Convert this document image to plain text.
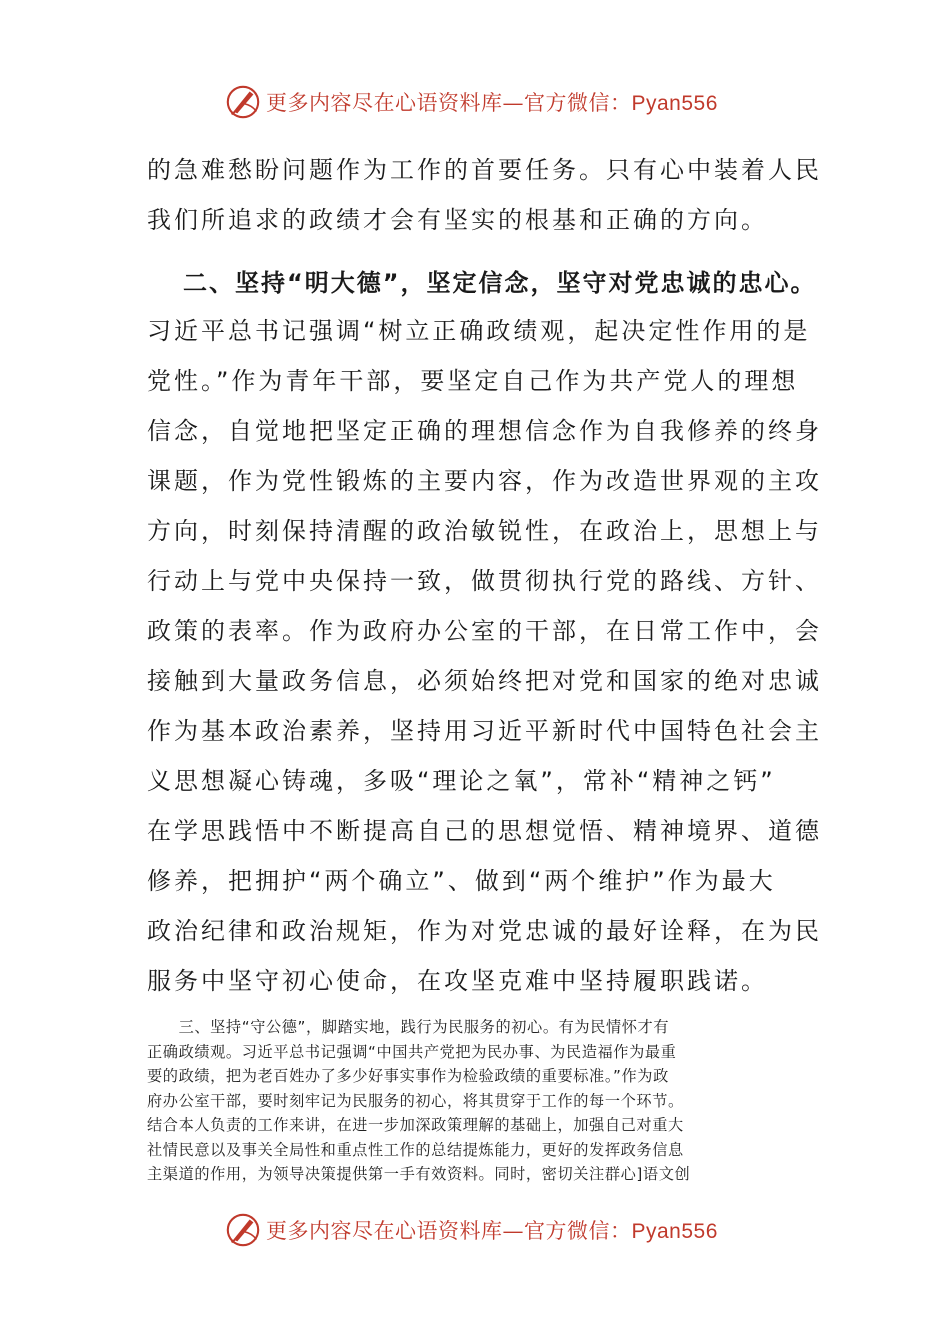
更多内容尽在心语资料库—官方微信：Pyan556
的急难愁盼问题作为工作的首要任务。只有心中装着人民
我们所追求的政绩才会有坚实的根基和正确的方向。
二、坚持“明大德”，坚定信念，坚守对党忠诚的忠心。
习近平总书记强调“树立正确政绩观，起决定性作用的是
党性。”作为青年干部，要坚定自己作为共产党人的理想
信念，自觉地把坚定正确的理想信念作为自我修养的终身
课题，作为党性锻炼的主要内容，作为改造世界观的主攻
方向，时刻保持清醒的政治敏锐性，在政治上，思想上与
行动上与党中央保持一致，做贯彻执行党的路线、方针、
政策的表率。作为政府办公室的干部，在日常工作中，会
接触到大量政务信息，必须始终把对党和国家的绝对忠诚
作为基本政治素养，坚持用习近平新时代中国特色社会主
义思想凝心铸魂，多吸“理论之氧”，常补“精神之钙”
在学思践悟中不断提高自己的思想觉悟、精神境界、道德
修养，把拥护“两个确立”、做到“两个维护”作为最大
政治纪律和政治规矩，作为对党忠诚的最好诠释，在为民
服务中坚守初心使命，在攻坚克难中坚持履职践诺。
　　三、坚持“守公德”，脚踏实地，践行为民服务的初心。有为民情怀才有
正确政绩观。习近平总书记强调“中国共产党把为民办事、为民造福作为最重
要的政绩，把为老百姓办了多少好事实事作为检验政绩的重要标准。”作为政
府办公室干部，要时刻牢记为民服务的初心，将其贯穿于工作的每一个环节。
结合本人负责的工作来讲，在进一步加深政策理解的基础上，加强自己对重大
社情民意以及事关全局性和重点性工作的总结提炼能力，更好的发挥政务信息
主渠道的作用，为领导决策提供第一手有效资料。同时，密切关注群心]语文创
更多内容尽在心语资料库—官方微信：Pyan556
